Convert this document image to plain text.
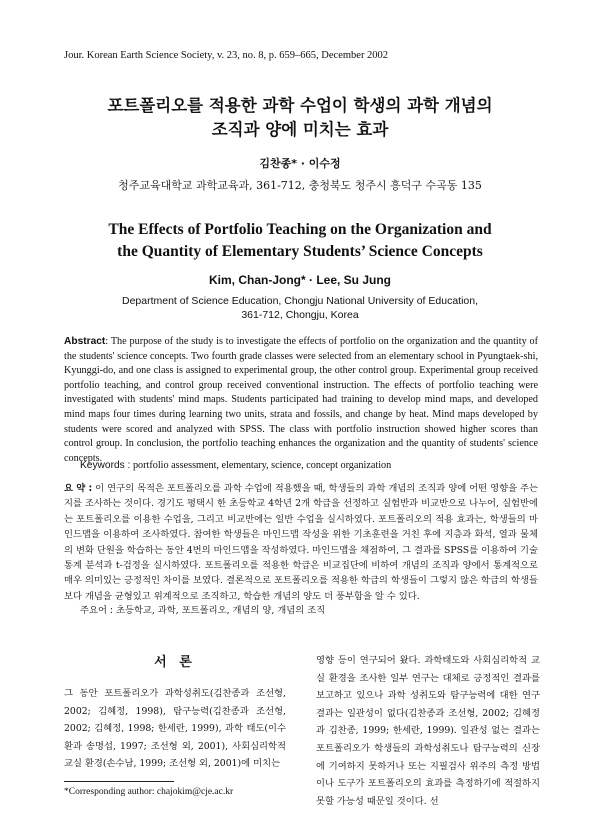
Jour. Korean Earth Science Society, v. 23, no. 8, p. 659–665, December 2002
포트폴리오를 적용한 과학 수업이 학생의 과학 개념의
조직과 양에 미치는 효과
김찬종* · 이수정
청주교육대학교 과학교육과, 361-712, 충청북도 청주시 흥덕구 수곡동 135
The Effects of Portfolio Teaching on the Organization and
the Quantity of Elementary Students’ Science Concepts
Kim, Chan-Jong* · Lee, Su Jung
Department of Science Education, Chongju National University of Education,
361-712, Chongju, Korea
Abstract: The purpose of the study is to investigate the effects of portfolio on the organization and the quantity of the students' science concepts. Two fourth grade classes were selected from an elementary school in Pyungtaek-shi, Kyunggi-do, and one class is assigned to experimental group, the other control group. Experimental group received portfolio teaching, and control group received conventional instruction. The effects of portfolio teaching were investigated with students' mind maps. Students participated had training to develop mind maps, and developed mind maps four times during learning two units, strata and fossils, and change by heat. Mind maps developed by students were scored and analyzed with SPSS. The class with portfolio instruction showed higher scores than control group. In conclusion, the portfolio teaching enhances the organization and the quantity of students' science concepts.
Keywords : portfolio assessment, elementary, science, concept organization
요 약 : 이 연구의 목적은 포트폴리오를 과학 수업에 적용했을 때, 학생들의 과학 개념의 조직과 양에 어떤 영향을 주는지를 조사하는 것이다. 경기도 평택시 한 초등학교 4학년 2개 학급을 선정하고 실험반과 비교반으로 나누어, 실험반에는 포트폴리오를 이용한 수업을, 그리고 비교반에는 일반 수업을 실시하였다. 포트폴리오의 적용 효과는, 학생들의 마인드맵을 이용하여 조사하였다. 참여한 학생들은 마인드맵 작성을 위한 기초훈련을 거친 후에 지층과 화석, 열과 물체의 변화 단원을 학습하는 동안 4번의 마인드맵을 작성하였다. 마인드맵을 채점하여, 그 결과를 SPSS를 이용하여 기술통계 분석과 t-검정을 실시하였다. 포트폴리오를 적용한 학급은 비교집단에 비하여 개념의 조직과 양에서 통계적으로 매우 의미있는 긍정적인 차이를 보였다. 결론적으로 포트폴리오를 적용한 학급의 학생들이 그렇지 않은 학급의 학생들보다 개념을 균형있고 위계적으로 조직하고, 학습한 개념의 양도 더 풍부함을 알 수 있다.
주요어 : 초등학교, 과학, 포트폴리오, 개념의 양, 개념의 조직
서 론
그 동안 포트폴리오가 과학성취도(김찬종과 조선형, 2002; 김혜정, 1998), 탐구능력(김찬종과 조선형, 2002; 김혜정, 1998; 한세란, 1999), 과학 태도(이수환과 송명섭, 1997; 조선형 외, 2001), 사회심리학적 교실 환경(손수남, 1999; 조선형 외, 2001)에 미치는
영향 등이 연구되어 왔다. 과학태도와 사회심리학적 교실 환경을 조사한 일부 연구는 대체로 긍정적인 결과를 보고하고 있으나 과학 성취도와 탐구능력에 대한 연구 결과는 일관성이 없다(김찬종과 조선형, 2002; 김혜정과 김찬종, 1999; 한세란, 1999). 일관성 없는 결과는 포트폴리오가 학생들의 과학성취도나 탐구능력의 신장에 기여하지 못하거나 또는 지필검사 위주의 측정 방법이나 도구가 포트폴리오의 효과를 측정하기에 적절하지 못할 가능성 때문일 것이다. 선
*Corresponding author: chajokim@cje.ac.kr
